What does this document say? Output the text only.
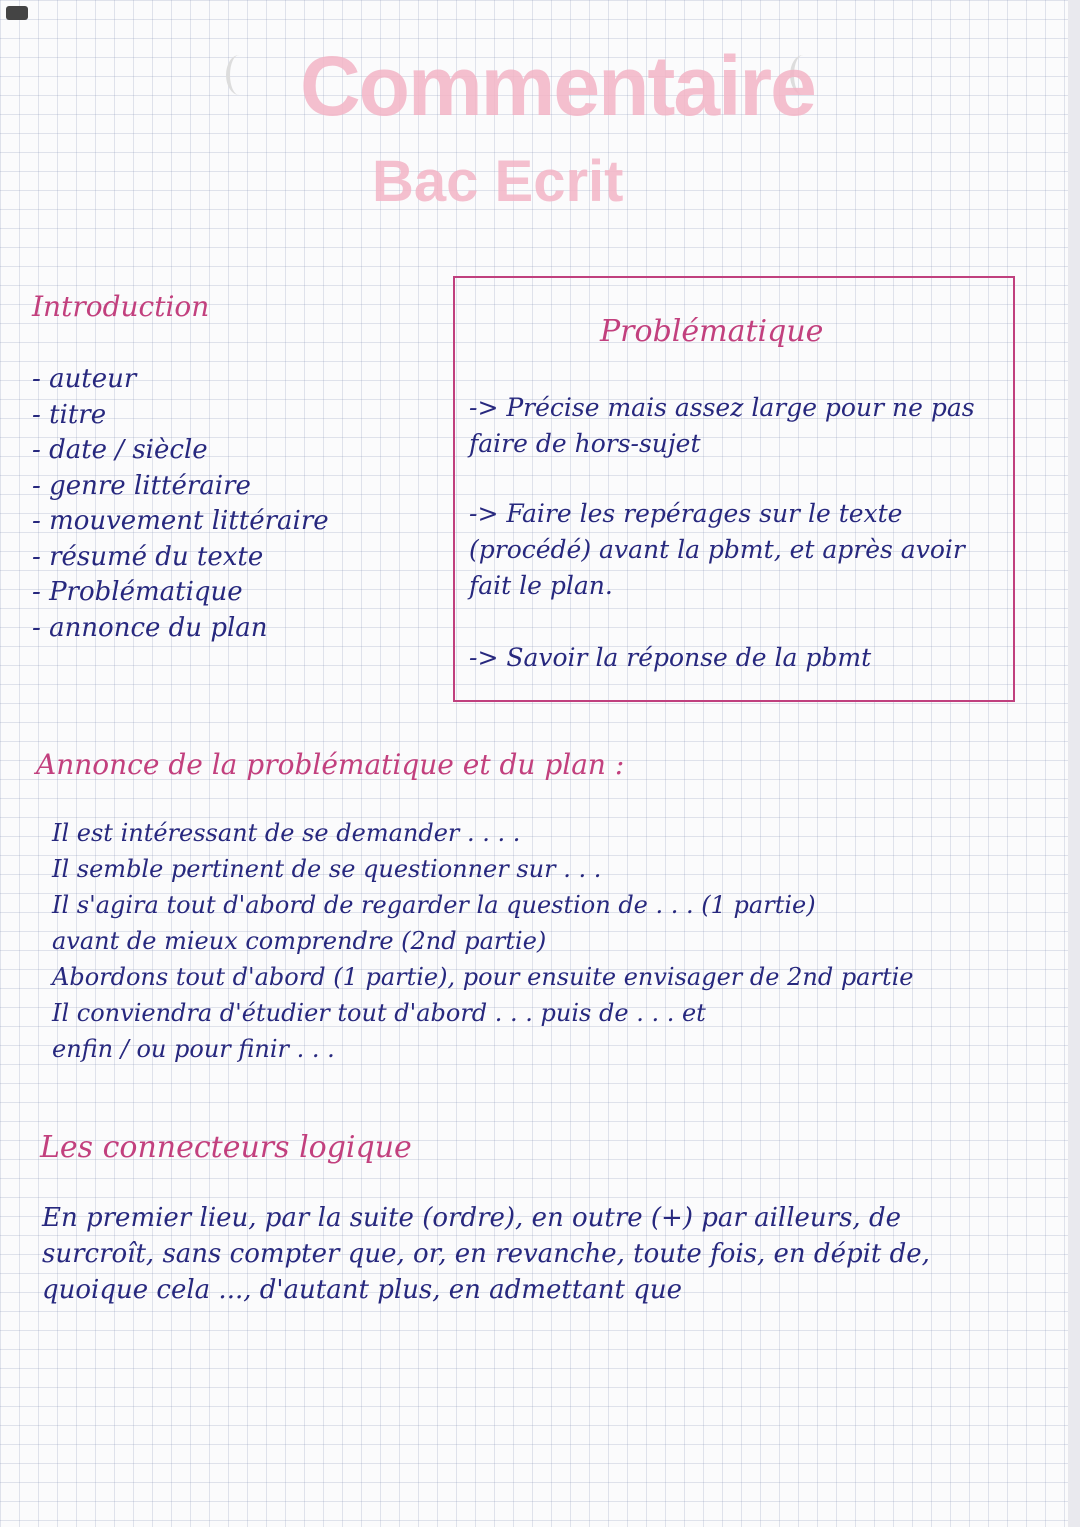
Commentaire
Bac Ecrit
Introduction
- auteur
- titre
- date / siècle
- genre littéraire
- mouvement littéraire
- résumé du texte
- Problématique
- annonce du plan
Problématique

-> Précise mais assez large pour ne pas faire de hors-sujet

-> Faire les repérages sur le texte (procédé) avant la pbmt, et après avoir fait le plan.

-> Savoir la réponse de la pbmt

Annonce de la problématique et du plan :
Il est intéressant de se demander . . . .
Il semble pertinent de se questionner sur . . .
Il s'agira tout d'abord de regarder la question de . . . (1 partie)
avant de mieux comprendre (2nd partie)
Abordons tout d'abord (1 partie), pour ensuite envisager de 2nd partie
Il conviendra d'étudier tout d'abord . . . puis de . . . et
enfin / ou pour finir . . .
Les connecteurs logique

En premier lieu, par la suite (ordre), en outre (+) par ailleurs, de surcroît, sans compter que, or, en revanche, toute fois, en dépit de, quoique cela ..., d'autant plus, en admettant que
